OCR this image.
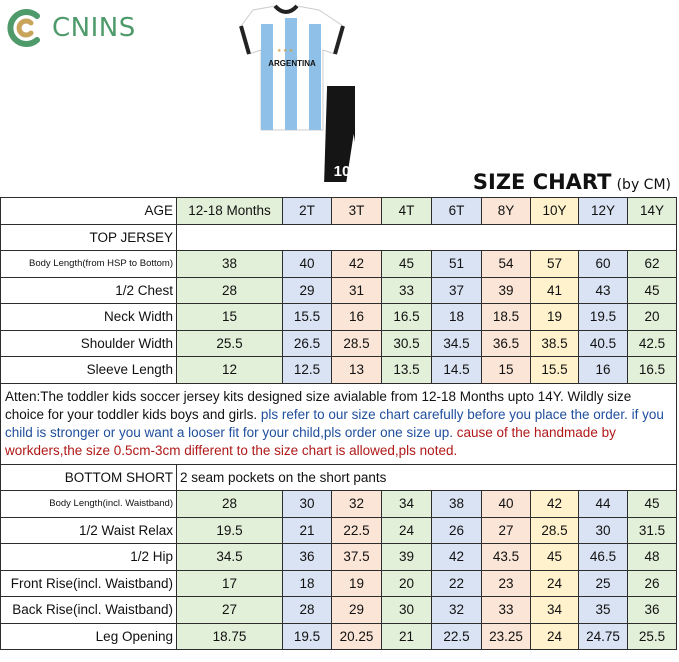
CNINS
★ ★ ★
ARGENTINA
10	SIZE CHART (by CM)
AGE	12-18 Months	2T	3T	4T	6T	8Y	10Y	12Y	14Y
TOP JERSEY									
Body Length(from HSP to Bottom)	38	40	42	45	51	54	57	60	62
1/2 Chest	28	29	31	33	37	39	41	43	45
Neck Width	15	15.5	16	16.5	18	18.5	19	19.5	20
Shoulder Width	25.5	26.5	28.5	30.5	34.5	36.5	38.5	40.5	42.5
Sleeve Length	12	12.5	13	13.5	14.5	15	15.5	16	16.5
Atten:The toddler kids soccer jersey kits designed size avialable from 12-18 Months upto 14Y. Wildly size choice for your toddler kids boys and girls. pls refer to our size chart carefully before you place the order. if you child is stronger or you want a looser fit for your child,pls order one size up. cause of the handmade by workders,the size 0.5cm-3cm different to the size chart is allowed,pls noted.									
BOTTOM SHORT	2 seam pockets on the short pants								
Body Length(incl. Waistband)	28	30	32	34	38	40	42	44	45
1/2 Waist Relax	19.5	21	22.5	24	26	27	28.5	30	31.5
1/2 Hip	34.5	36	37.5	39	42	43.5	45	46.5	48
Front Rise(incl. Waistband)	17	18	19	20	22	23	24	25	26
Back Rise(incl. Waistband)	27	28	29	30	32	33	34	35	36
Leg Opening	18.75	19.5	20.25	21	22.5	23.25	24	24.75	25.5
